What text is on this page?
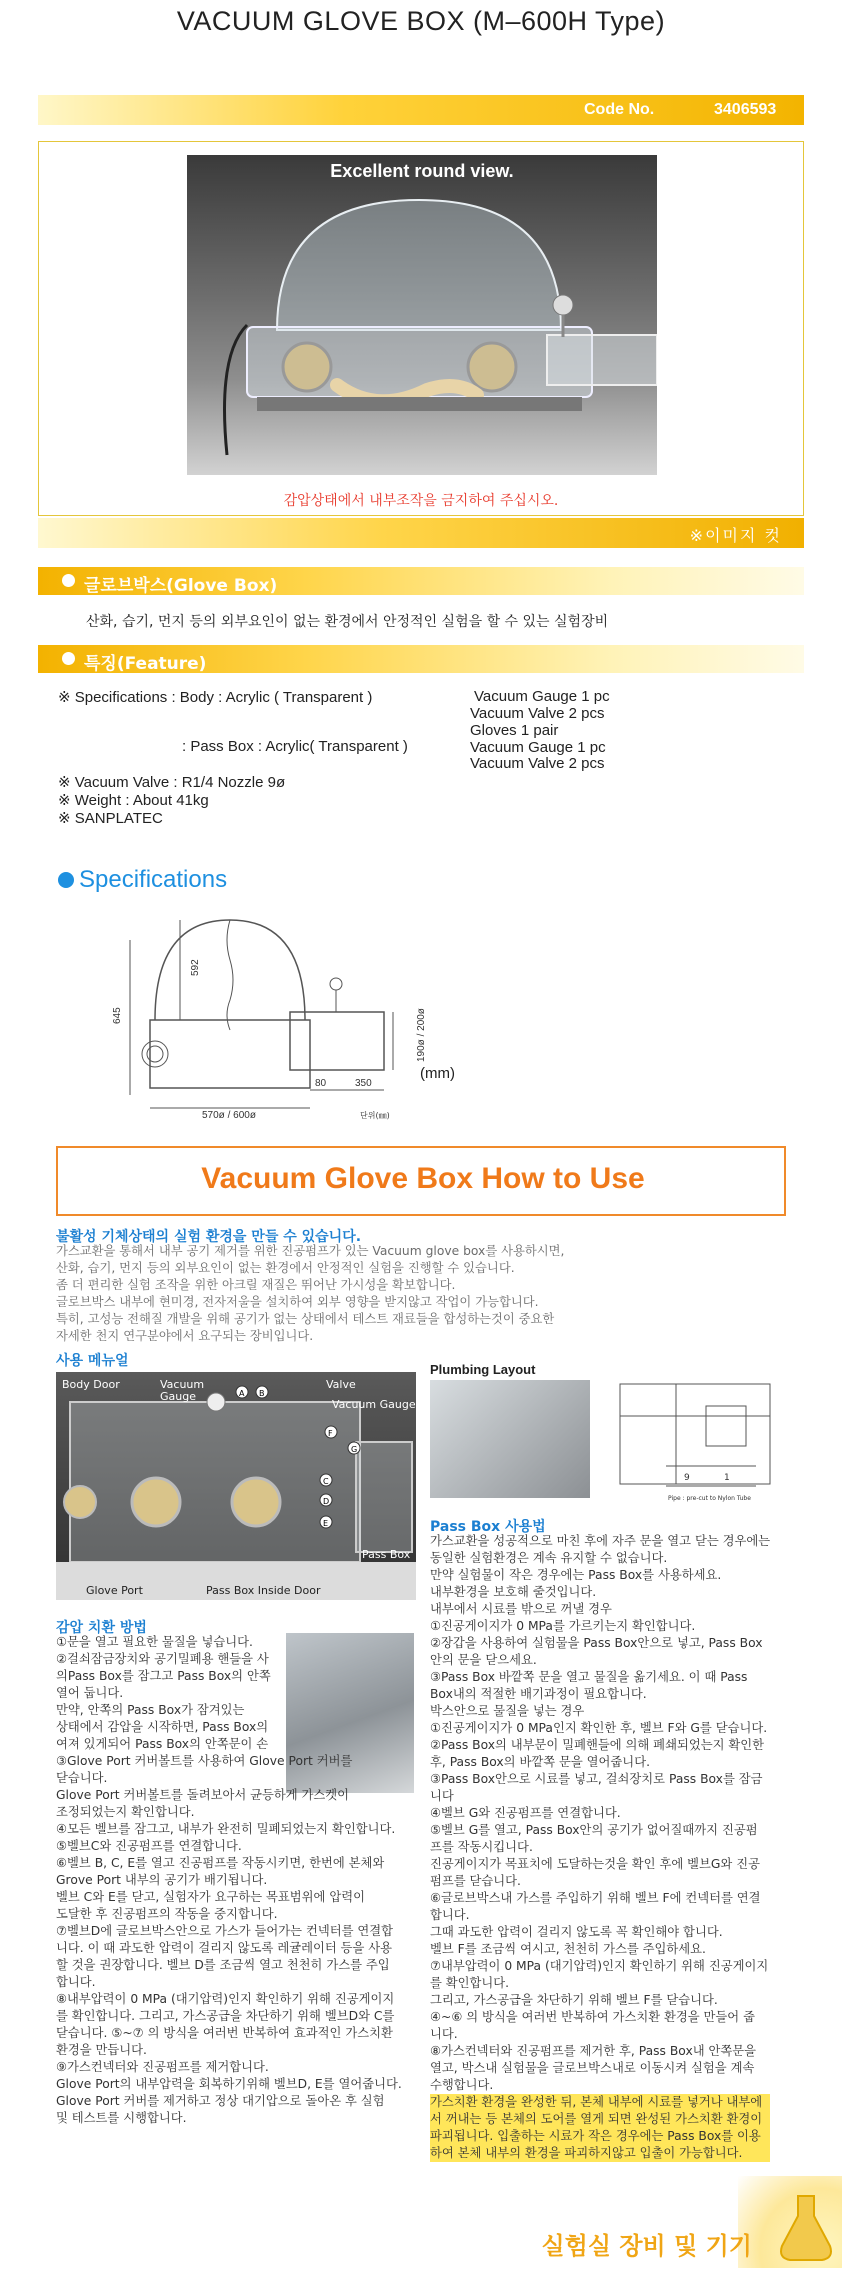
VACUUM GLOVE BOX (M–600H Type)
Code No.	3406593
Excellent round view.
감압상태에서 내부조작을 금지하여 주십시오.
※이미지 컷
글로브박스(Glove Box)
산화, 습기, 먼지 등의 외부요인이 없는 환경에서 안정적인 실험을 할 수 있는 실험장비
특징(Feature)
※ Specifications : Body : Acrylic ( Transparent )	Vacuum Gauge 1 pc
Vacuum Valve 2 pcs
Gloves 1 pair
: Pass Box : Acrylic( Transparent )	Vacuum Gauge 1 pc
Vacuum Valve 2 pcs
※ Vacuum Valve : R1/4 Nozzle 9ø
※ Weight : About 41kg
※ SANPLATEC
Specifications
645
592
190ø / 200ø
80	350
570ø / 600ø	단위(㎜)
(mm)
Vacuum Glove Box How to Use
불활성 기체상태의 실험 환경을 만들 수 있습니다.
가스교환을 통해서 내부 공기 제거를 위한 진공펌프가 있는 Vacuum glove box를 사용하시면,
산화, 습기, 먼지 등의 외부요인이 없는 환경에서 안정적인 실험을 진행할 수 있습니다.
좀 더 편리한 실험 조작을 위한 아크릴 재질은 뛰어난 가시성을 확보합니다.
글로브박스 내부에 현미경, 전자저울을 설치하여 외부 영향을 받지않고 작업이 가능합니다.
특히, 고성능 전해질 개발을 위해 공기가 없는 상태에서 테스트 재료들을 합성하는것이 중요한
자세한 천지 연구분야에서 요구되는 장비입니다.
사용 메뉴얼
A B
F
G
C
D
E
Body Door	Vacuum
Gauge
Valve
Vacuum Gauge
Pass Box
Glove Port	Pass Box Inside Door
Plumbing Layout
9	1
Pipe : pre-cut to Nylon Tube
감압 치환 방법
①문을 열고 필요한 물질을 넣습니다.
②걸쇠잠금장치와 공기밀폐용 핸들을 사
의Pass Box를 잠그고 Pass Box의 안쪽
열어 둡니다.
만약, 안쪽의 Pass Box가 잠겨있는
상태에서 감압을 시작하면, Pass Box의
여져 있게되어 Pass Box의 안쪽문이 손
③Glove Port 커버볼트를 사용하여 Glove Port 커버를
닫습니다.
Glove Port 커버볼트를 돌려보아서 균등하게 가스켓이
조정되었는지 확인합니다.
④모든 벨브를 잠그고, 내부가 완전히 밀폐되었는지 확인합니다.
⑤벨브C와 진공펌프를 연결합니다.
⑥벨브 B, C, E를 열고 진공펌프를 작동시키면, 한번에 본체와
Grove Port 내부의 공기가 배기됩니다.
벨브 C와 E를 닫고, 실험자가 요구하는 목표범위에 압력이
도달한 후 진공펌프의 작동을 중지합니다.
⑦벨브D에 글로브박스안으로 가스가 들어가는 컨넥터를 연결합
니다. 이 때 과도한 압력이 걸리지 않도록 레귤레이터 등을 사용
할 것을 권장합니다. 벨브 D를 조금씩 열고 천천히 가스를 주입
합니다.
⑧내부압력이 0 MPa (대기압력)인지 확인하기 위해 진공게이지
를 확인합니다. 그리고, 가스공급을 차단하기 위해 벨브D와 C를
닫습니다. ⑤~⑦ 의 방식을 여러번 반복하여 효과적인 가스치환
환경을 만듭니다.
⑨가스컨넥터와 진공펌프를 제거합니다.
Glove Port의 내부압력을 회복하기위해 벨브D, E를 열어줍니다.
Glove Port 커버를 제거하고 정상 대기압으로 돌아온 후 실험
및 테스트를 시행합니다.
Pass Box 사용법
가스교환을 성공적으로 마친 후에 자주 문을 열고 닫는 경우에는
동일한 실험환경은 계속 유지할 수 없습니다.
만약 실험물이 작은 경우에는 Pass Box를 사용하세요.
내부환경을 보호해 줄것입니다.
내부에서 시료를 밖으로 꺼낼 경우
①진공게이지가 0 MPa를 가르키는지 확인합니다.
②장갑을 사용하여 실험물을 Pass Box안으로 넣고, Pass Box
안의 문을 닫으세요.
③Pass Box 바깥쪽 문을 열고 물질을 옮기세요. 이 때 Pass
Box내의 적절한 배기과정이 필요합니다.
박스안으로 물질을 넣는 경우
①진공게이지가 0 MPa인지 확인한 후, 벨브 F와 G를 닫습니다.
②Pass Box의 내부문이 밀폐핸들에 의해 폐쇄되었는지 확인한
후, Pass Box의 바깥쪽 문을 열어줍니다.
③Pass Box안으로 시료를 넣고, 걸쇠장치로 Pass Box를 잠금
니다
④벨브 G와 진공펌프를 연결합니다.
⑤벨브 G를 열고, Pass Box안의 공기가 없어질때까지 진공펌
프를 작동시킵니다.
진공게이지가 목표치에 도달하는것을 확인 후에 벨브G와 진공
펌프를 닫습니다.
⑥글로브박스내 가스를 주입하기 위해 벨브 F에 컨넥터를 연결
합니다.
그때 과도한 압력이 걸리지 않도록 꼭 확인해야 합니다.
벨브 F를 조금씩 여시고, 천천히 가스를 주입하세요.
⑦내부압력이 0 MPa (대기압력)인지 확인하기 위해 진공게이지
를 확인합니다.
그리고, 가스공급을 차단하기 위해 벨브 F를 닫습니다.
④~⑥ 의 방식을 여러번 반복하여 가스치환 환경을 만들어 줍
니다.
⑧가스컨넥터와 진공펌프를 제거한 후, Pass Box내 안쪽문을
열고, 박스내 실험물을 글로브박스내로 이동시켜 실험을 계속
수행합니다.
가스치환 환경을 완성한 뒤, 본체 내부에 시료를 넣거나 내부에
서 꺼내는 등 본체의 도어를 열게 되면 완성된 가스치환 환경이
파괴됩니다. 입출하는 시료가 작은 경우에는 Pass Box를 이용
하여 본체 내부의 환경을 파괴하지않고 입출이 가능합니다.
실험실 장비 및 기기
